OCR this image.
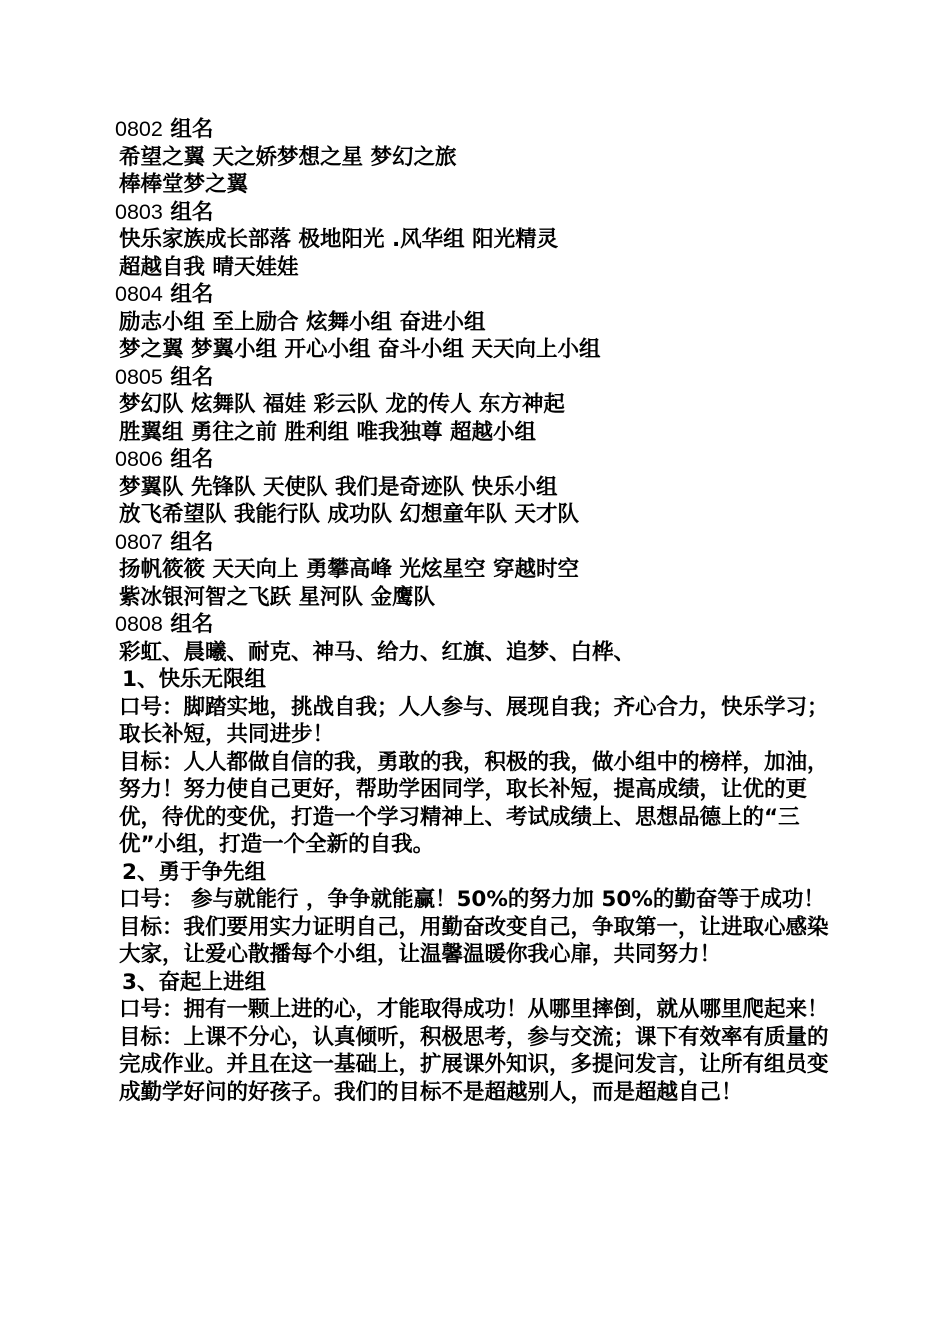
0802 组名
希望之翼 天之娇梦想之星 梦幻之旅
棒棒堂梦之翼
0803 组名
快乐家族成长部落 极地阳光 .风华组 阳光精灵
超越自我 晴天娃娃
0804 组名
励志小组 至上励合 炫舞小组 奋进小组
梦之翼 梦翼小组 开心小组 奋斗小组 天天向上小组
0805 组名
梦幻队 炫舞队 福娃 彩云队 龙的传人 东方神起
胜翼组 勇往之前 胜利组 唯我独尊 超越小组
0806 组名
梦翼队 先锋队 天使队 我们是奇迹队 快乐小组
放飞希望队 我能行队 成功队 幻想童年队 天才队
0807 组名
扬帆筱筱 天天向上 勇攀高峰 光炫星空 穿越时空
紫冰银河智之飞跃 星河队 金鹰队
0808 组名
彩虹、晨曦、耐克、神马、给力、红旗、追梦、白桦、
1、快乐无限组
口号：脚踏实地，挑战自我；人人参与、展现自我；齐心合力，快乐学习；取长补短，共同进步！
目标：人人都做自信的我，勇敢的我，积极的我，做小组中的榜样，加油，努力！努力使自己更好，帮助学困同学，取长补短，提高成绩，让优的更优，待优的变优，打造一个学习精神上、考试成绩上、思想品德上的“三优”小组，打造一个全新的自我。
2、勇于争先组
口号： 参与就能行 ，争争就能赢！50%的努力加 50%的勤奋等于成功！
目标：我们要用实力证明自己，用勤奋改变自己，争取第一，让进取心感染大家，让爱心散播每个小组，让温馨温暖你我心扉，共同努力！
3、奋起上进组
口号：拥有一颗上进的心，才能取得成功！从哪里摔倒，就从哪里爬起来！
目标：上课不分心，认真倾听，积极思考，参与交流；课下有效率有质量的完成作业。并且在这一基础上，扩展课外知识，多提问发言，让所有组员变成勤学好问的好孩子。我们的目标不是超越别人，而是超越自己！
